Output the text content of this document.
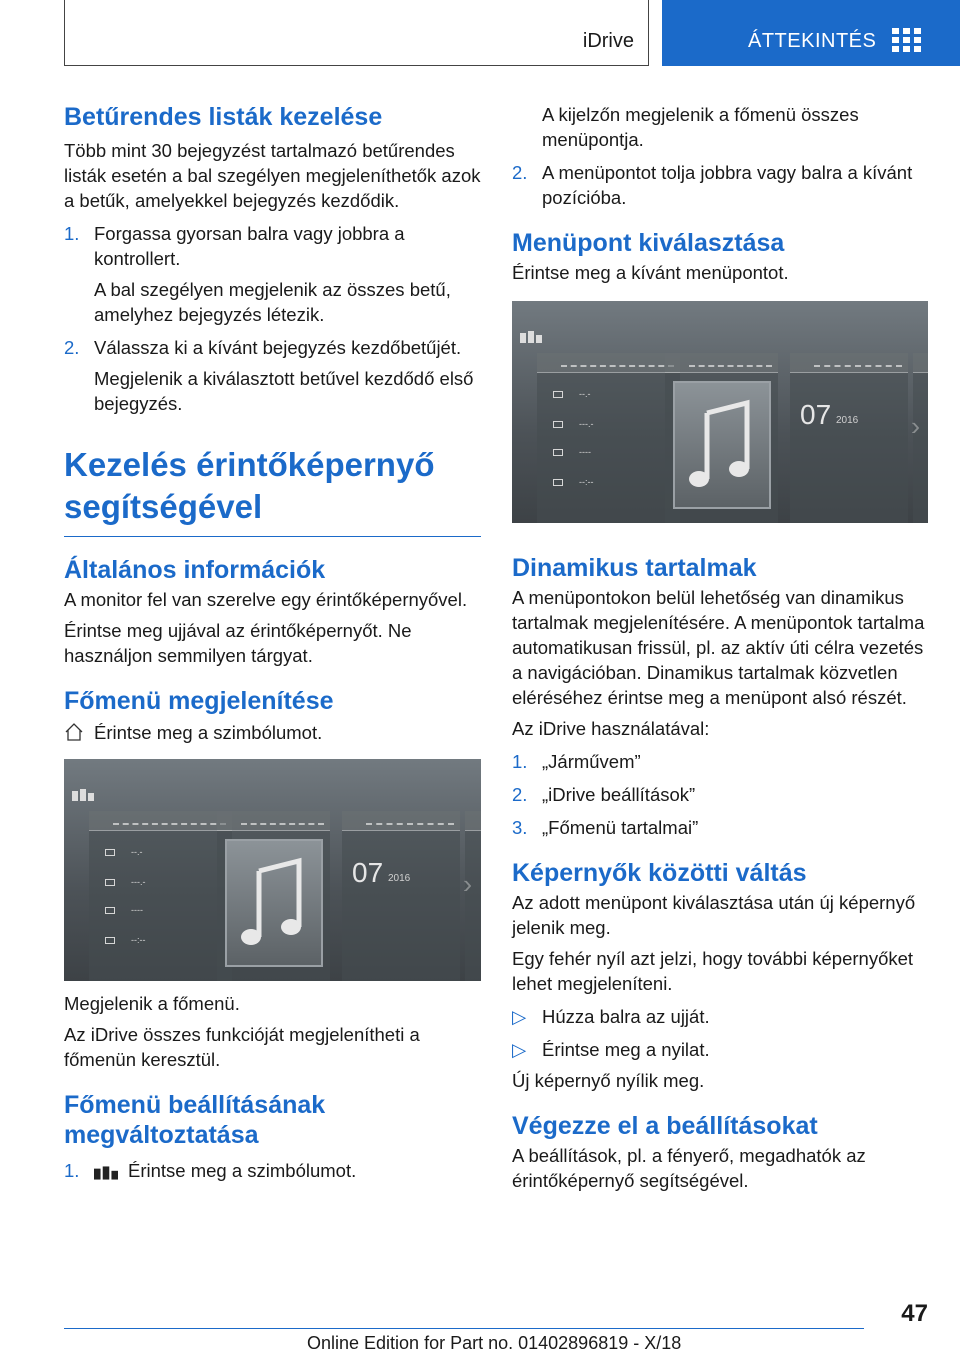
iDrive	ÁTTEKINTÉS
Betűrendes listák kezelése

Több mint 30 bejegyzést tartalmazó betűrendes listák esetén a bal szegélyen megjeleníthetők azok a betűk, amelyekkel bejegyzés kezdődik.

1. Forgassa gyorsan balra vagy jobbra a kontrollert.
A bal szegélyen megjelenik az összes betű, amelyhez bejegyzés létezik.
2. Válassza ki a kívánt bejegyzés kezdőbetűjét.
Megjelenik a kiválasztott betűvel kezdődő első bejegyzés.
Kezelés érintőképernyő segítségével
Általános információk

A monitor fel van szerelve egy érintőképernyővel.

Érintse meg ujjával az érintőképernyőt. Ne használjon semmilyen tárgyat.

Főmenü megjelenítése

Érintse meg a szimbólumot.

--.-
---.-
----
--:--
07 2016

Megjelenik a főmenü.

Az iDrive összes funkcióját megjelenítheti a főmenün keresztül.

Főmenü beállításának megváltoztatása
1.	Érintse meg a szimbólumot.
A kijelzőn megjelenik a főmenü összes menüpontja.
2. A menüpontot tolja jobbra vagy balra a kívánt pozícióba.
Menüpont kiválasztása

Érintse meg a kívánt menüpontot.

--.-
---.-
----
--:--
07 2016
Dinamikus tartalmak

A menüpontokon belül lehetőség van dinamikus tartalmak megjelenítésére. A menüpontok tartalma automatikusan frissül, pl. az aktív úti célra vezetés a navigációban. Dinamikus tartalmak közvetlen eléréséhez érintse meg a menüpont alsó részét.

Az iDrive használatával:

1. „Járművem”
2. „iDrive beállítások”
3. „Főmenü tartalmai”
Képernyők közötti váltás

Az adott menüpont kiválasztása után új képernyő jelenik meg.

Egy fehér nyíl azt jelzi, hogy további képernyőket lehet megjeleníteni.

▷ Húzza balra az ujját.
▷ Érintse meg a nyilat.

Új képernyő nyílik meg.

Végezze el a beállításokat

A beállítások, pl. a fényerő, megadhatók az érintőképernyő segítségével.

47
Online Edition for Part no. 01402896819 - X/18
